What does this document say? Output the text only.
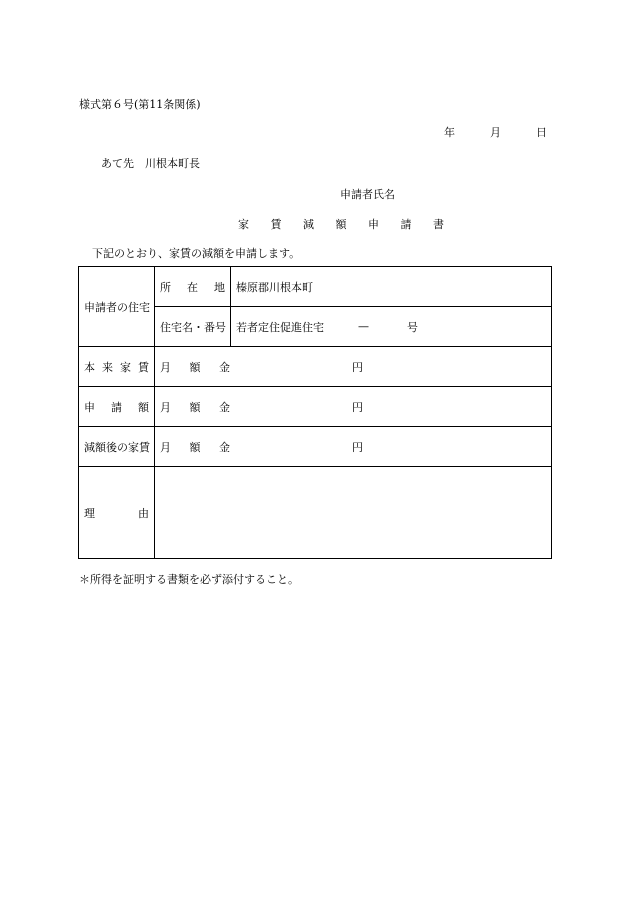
様式第６号(第11条関係)
年	月	日
あて先　川根本町長
申請者氏名
家 賃 減 額 申 請 書
下記のとおり、家賃の減額を申請します。
申請者の住宅	所 在 地	榛原郡川根本町
	住宅名・番号	若者定住促進住宅 — 号

本 来 家 賃	月 額 金 円	

申 請 額	月 額 金 円	

減額後の家賃	月 額 金 円	

理 由		

＊所得を証明する書類を必ず添付すること。
